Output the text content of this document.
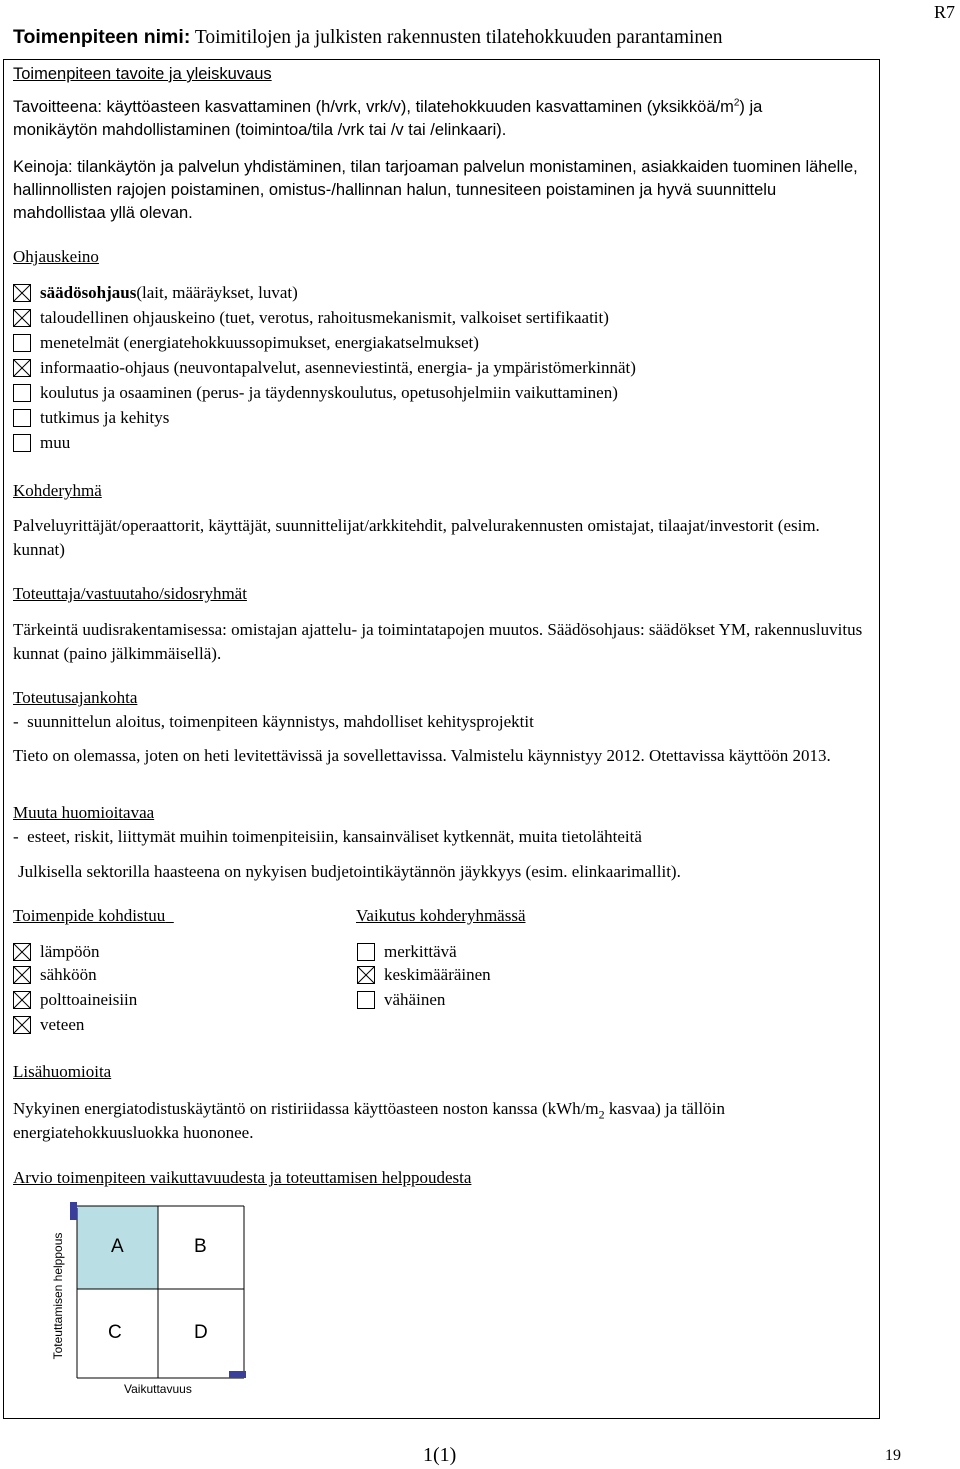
R7
Toimenpiteen nimi: Toimitilojen ja julkisten rakennusten tilatehokkuuden parantaminen
Toimenpiteen tavoite ja yleiskuvaus
Tavoitteena: käyttöasteen kasvattaminen (h/vrk, vrk/v), tilatehokkuuden kasvattaminen $(yksikköä/m^2)$ ja
monikäytön mahdollistaminen (toimintoa/tila /vrk tai /v tai /elinkaari).
Keinoja: tilankäytön ja palvelun yhdistäminen, tilan tarjoaman palvelun monistaminen, asiakkaiden tuominen lähelle, hallinnollisten rajojen poistaminen, omistus-/hallinnan halun, tunnesiteen poistaminen ja hyvä suunnittelu mahdollistaa yllä olevan.
Ohjauskeino
säädösohjaus (lait, määräykset, luvat)
taloudellinen ohjauskeino (tuet, verotus, rahoitusmekanismit, valkoiset sertifikaatit)
menetelmät (energiatehokkuussopimukset, energiakatselmukset)
informaatio-ohjaus (neuvontapalvelut, asenneviestintä, energia- ja ympäristömerkinnät)
koulutus ja osaaminen (perus- ja täydennyskoulutus, opetusohjelmiin vaikuttaminen)
tutkimus ja kehitys
muu
Kohderyhmä
Palveluyrittäjät/operaattorit, käyttäjät, suunnittelijat/arkkitehdit, palvelurakennusten omistajat, tilaajat/investorit (esim. kunnat)
Toteuttaja/vastuutaho/sidosryhmät
Tärkeintä uudisrakentamisessa: omistajan ajattelu- ja toimintatapojen muutos. Säädösohjaus: säädökset YM, rakennusluvitus kunnat (paino jälkimmäisellä).
Toteutusajankohta
-  suunnittelun aloitus, toimenpiteen käynnistys, mahdolliset kehitysprojektit
Tieto on olemassa, joten on heti levitettävissä ja sovellettavissa. Valmistelu käynnistyy 2012. Otettavissa käyttöön 2013.
Muuta huomioitavaa
-  esteet, riskit, liittymät muihin toimenpiteisiin, kansainväliset kytkennät, muita tietolähteitä
Julkisella sektorilla haasteena on nykyisen budjetointikäytännön jäykkyys (esim. elinkaarimallit).
Toimenpide kohdistuu
lämpöön
sähköön
polttoaineisiin
veteen
Vaikutus kohderyhmässä
merkittävä
keskimääräinen
vähäinen
Lisähuomioita
Nykyinen energiatodistuskäytäntö on ristiriidassa käyttöasteen noston kanssa ($kWh/m_2$ kasvaa) ja tällöin energiatehokkuusluokka huononee.
Arvio toimenpiteen vaikuttavuudesta ja toteuttamisen helppoudesta
A	B
C	D
Toteuttamisen helppous
Vaikuttavuus
1(1)	19
